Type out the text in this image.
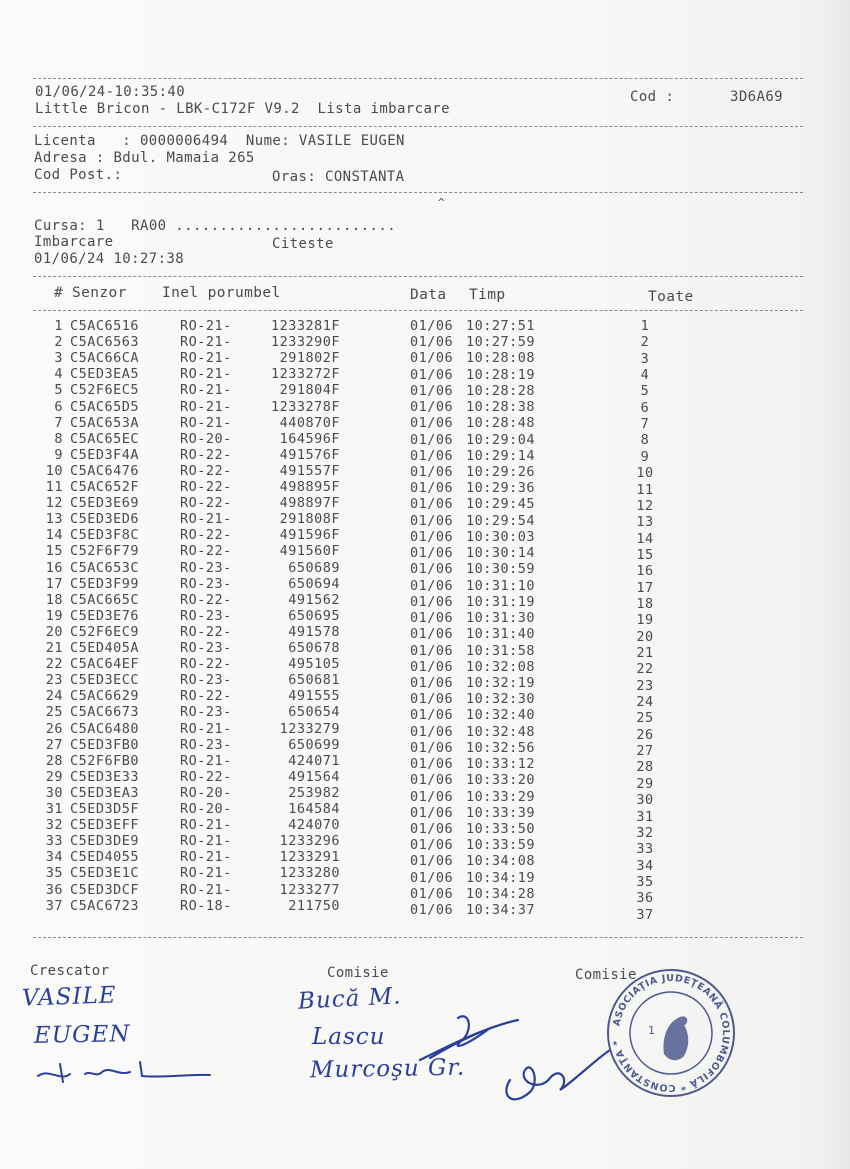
01/06/24-10:35:40
Little Bricon - LBK-C172F V9.2  Lista imbarcare
Cod :	3D6A69
Licenta   : 0000006494 Nume: VASILE EUGEN
Adresa : Bdul. Mamaia 265
Cod Post.:	Oras: CONSTANTA
^
Cursa: 1 RA00 .........................
Imbarcare	Citeste
01/06/24 10:27:38
# Senzor Inel porumbel	Data Timp	Toate
1 C5AC6516	RO-21-	1233281F	01/06 10:27:51	1
2 C5AC6563	RO-21-	1233290F	01/06 10:27:59	2
3 C5AC66CA	RO-21-	291802F	01/06 10:28:08	3
4 C5ED3EA5	RO-21-	1233272F	01/06 10:28:19	4
5 C52F6EC5	RO-21-	291804F	01/06 10:28:28	5
6 C5AC65D5	RO-21-	1233278F	01/06 10:28:38	6
7 C5AC653A	RO-21-	440870F	01/06 10:28:48	7
8 C5AC65EC	RO-20-	164596F	01/06 10:29:04	8
9 C5ED3F4A	RO-22-	491576F	01/06 10:29:14	9
10 C5AC6476	RO-22-	491557F	01/06 10:29:26	10
11 C5AC652F	RO-22-	498895F	01/06 10:29:36	11
12 C5ED3E69	RO-22-	498897F	01/06 10:29:45	12
13 C5ED3ED6	RO-21-	291808F	01/06 10:29:54	13
14 C5ED3F8C	RO-22-	491596F	01/06 10:30:03	14
15 C52F6F79	RO-22-	491560F	01/06 10:30:14	15
16 C5AC653C	RO-23-	650689	01/06 10:30:59	16
17 C5ED3F99	RO-23-	650694	01/06 10:31:10	17
18 C5AC665C	RO-22-	491562	01/06 10:31:19	18
19 C5ED3E76	RO-23-	650695	01/06 10:31:30	19
20 C52F6EC9	RO-22-	491578	01/06 10:31:40	20
21 C5ED405A	RO-23-	650678	01/06 10:31:58	21
22 C5AC64EF	RO-22-	495105	01/06 10:32:08	22
23 C5ED3ECC	RO-23-	650681	01/06 10:32:19	23
24 C5AC6629	RO-22-	491555	01/06 10:32:30	24
25 C5AC6673	RO-23-	650654	01/06 10:32:40	25
26 C5AC6480	RO-21-	1233279	01/06 10:32:48	26
27 C5ED3FB0	RO-23-	650699	01/06 10:32:56	27
28 C52F6FB0	RO-21-	424071	01/06 10:33:12	28
29 C5ED3E33	RO-22-	491564	01/06 10:33:20	29
30 C5ED3EA3	RO-20-	253982	01/06 10:33:29	30
31 C5ED3D5F	RO-20-	164584	01/06 10:33:39	31
32 C5ED3EFF	RO-21-	424070	01/06 10:33:50	32
33 C5ED3DE9	RO-21-	1233296	01/06 10:33:59	33
34 C5ED4055	RO-21-	1233291	01/06 10:34:08	34
35 C5ED3E1C	RO-21-	1233280	01/06 10:34:19	35
36 C5ED3DCF	RO-21-	1233277	01/06 10:34:28	36
37 C5AC6723	RO-18-	211750	01/06 10:34:37	37
Crescator	Comisie	Comisie
VASILE
EUGEN
Bucă M.
Lascu
Murcoşu Gr.
ASOCIAŢIA JUDEŢEANĂ COLUMBOFILĂ * CONSTANŢA *
1
